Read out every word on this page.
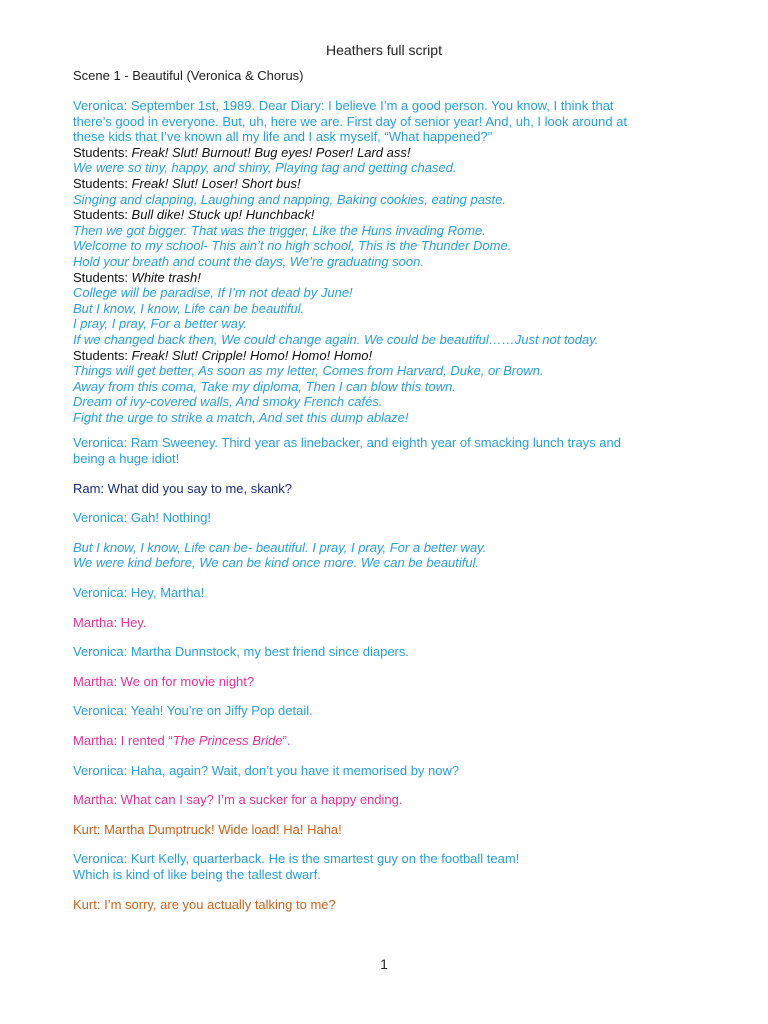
Heathers full script
Scene 1 - Beautiful (Veronica & Chorus)
Veronica: September 1st, 1989. Dear Diary: I believe I’m a good person. You know, I think that
there’s good in everyone. But, uh, here we are. First day of senior year! And, uh, I look around at
these kids that I’ve known all my life and I ask myself, “What happened?”
Students: Freak! Slut! Burnout! Bug eyes! Poser! Lard ass!
We were so tiny, happy, and shiny, Playing tag and getting chased.
Students: Freak! Slut! Loser! Short bus!
Singing and clapping, Laughing and napping, Baking cookies, eating paste.
Students: Bull dike! Stuck up! Hunchback!
Then we got bigger. That was the trigger, Like the Huns invading Rome.
Welcome to my school- This ain’t no high school, This is the Thunder Dome.
Hold your breath and count the days, We’re graduating soon.
Students: White trash!
College will be paradise, If I’m not dead by June!
But I know, I know, Life can be beautiful.
I pray, I pray, For a better way.
If we changed back then, We could change again. We could be beautiful……Just not today.
Students: Freak! Slut! Cripple! Homo! Homo! Homo!
Things will get better, As soon as my letter, Comes from Harvard, Duke, or Brown.
Away from this coma, Take my diploma, Then I can blow this town.
Dream of ivy-covered walls, And smoky French cafés.
Fight the urge to strike a match, And set this dump ablaze!
Veronica: Ram Sweeney. Third year as linebacker, and eighth year of smacking lunch trays and
being a huge idiot!
Ram: What did you say to me, skank?
Veronica: Gah! Nothing!
But I know, I know, Life can be- beautiful. I pray, I pray, For a better way.
We were kind before, We can be kind once more. We can be beautiful.
Veronica: Hey, Martha!
Martha: Hey.
Veronica: Martha Dunnstock, my best friend since diapers.
Martha: We on for movie night?
Veronica: Yeah! You’re on Jiffy Pop detail.
Martha: I rented “The Princess Bride”.
Veronica: Haha, again? Wait, don’t you have it memorised by now?
Martha: What can I say? I’m a sucker for a happy ending.
Kurt: Martha Dumptruck! Wide load! Ha! Haha!
Veronica: Kurt Kelly, quarterback. He is the smartest guy on the football team!
Which is kind of like being the tallest dwarf.
Kurt: I’m sorry, are you actually talking to me?
1
